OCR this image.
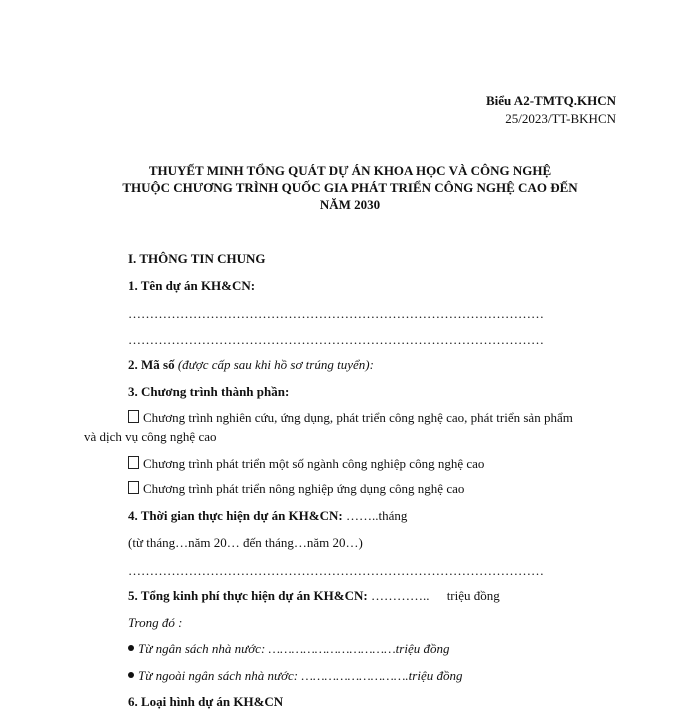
Biểu A2-TMTQ.KHCN
25/2023/TT-BKHCN
THUYẾT MINH TỔNG QUÁT DỰ ÁN KHOA HỌC VÀ CÔNG NGHỆ
THUỘC CHƯƠNG TRÌNH QUỐC GIA PHÁT TRIỂN CÔNG NGHỆ CAO ĐẾN
NĂM 2030
I. THÔNG TIN CHUNG
1. Tên dự án KH&CN:
……………………………………………………………………………………
……………………………………………………………………………………
2. Mã số (được cấp sau khi hồ sơ trúng tuyển):
3. Chương trình thành phần:
Chương trình nghiên cứu, ứng dụng, phát triển công nghệ cao, phát triển sản phẩm
và dịch vụ công nghệ cao
Chương trình phát triển một số ngành công nghiệp công nghệ cao
Chương trình phát triển nông nghiệp ứng dụng công nghệ cao
4. Thời gian thực hiện dự án KH&CN: ……..tháng
(từ tháng…năm 20… đến tháng…năm 20…)
……………………………………………………………………………………
5. Tổng kinh phí thực hiện dự án KH&CN: ………….. triệu đồng
Trong đó :
Từ ngân sách nhà nước: ……………………………triệu đồng
Từ ngoài ngân sách nhà nước: ……………………….triệu đồng
6. Loại hình dự án KH&CN
